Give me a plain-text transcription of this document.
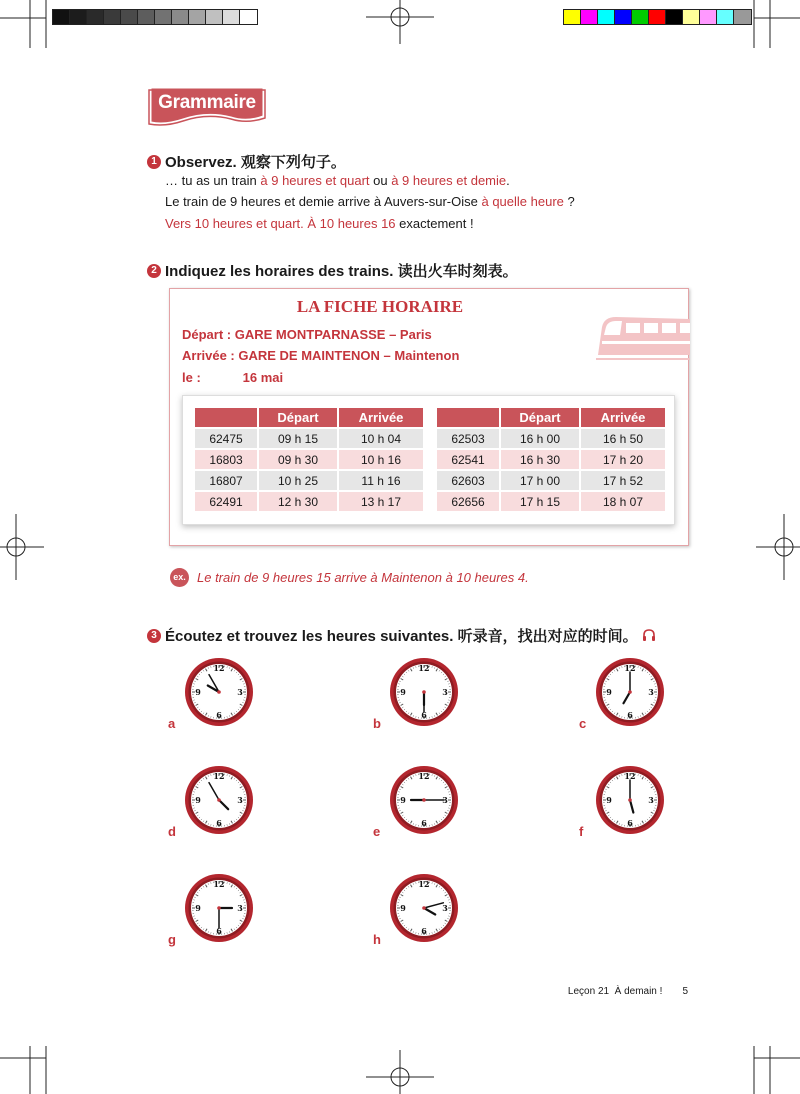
Grammaire
1 Observez. 观察下列句子。
… tu as un train à 9 heures et quart ou à 9 heures et demie.
Le train de 9 heures et demie arrive à Auvers-sur-Oise à quelle heure ?
Vers 10 heures et quart. À 10 heures 16 exactement !
2 Indiquez les horaires des trains. 读出火车时刻表。
LA FICHE HORAIRE
Départ : GARE MONTPARNASSE – Paris
Arrivée : GARE DE MAINTENON – Maintenon
le :	16 mai
	Départ	Arrivée
62475	09 h 15	10 h 04
16803	09 h 30	10 h 16
16807	10 h 25	11 h 16
62491	12 h 30	13 h 17
	Départ	Arrivée
62503	16 h 00	16 h 50
62541	16 h 30	17 h 20
62603	17 h 00	17 h 52
62656	17 h 15	18 h 07
ex. Le train de 9 heures 15 arrive à Maintenon à 10 heures 4.
3 Écoutez et trouvez les heures suivantes. 听录音，找出对应的时间。
12
3
6
9
a
12
3
6
9
b
12
3
6
9
c
12
3
6
9
d
12
3
6
9
e
12
3
6
9
f
12
3
6
9
g
12
3
6
9
h
Leçon 21  À demain ! 5
